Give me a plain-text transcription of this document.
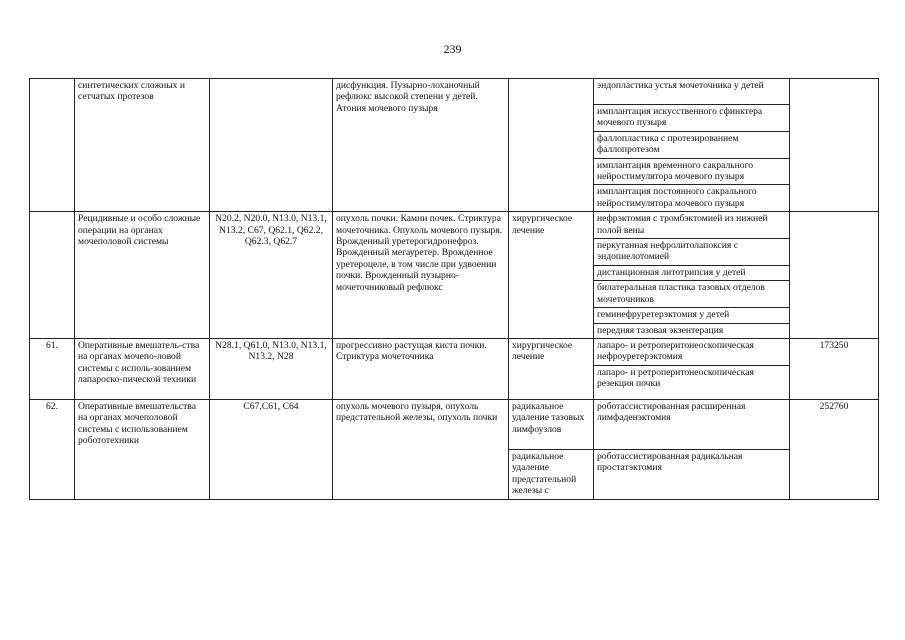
239
	синтетических сложных и сетчатых протезов		дисфункция. Пузырно-лоханочный рефлюкс высокой степени у детей. Атония мочевого пузыря		эндопластика устья мочеточника у детей	
					имплантация искусственного сфинктера мочевого пузыря	
					фаллопластика с протезированием фаллопротезом	
					имплантация временного сакрального нейростимулятора мочевого пузыря	
					имплантация постоянного сакрального нейростимулятора мочевого пузыря	
	Рецидивные и особо сложные операции на органах мочеполовой системы	N20.2, N20.0, N13.0, N13.1, N13.2, C67, Q62.1, Q62.2, Q62.3, Q62.7	опухоль почки. Камни почек. Стриктура мочеточника. Опухоль мочевого пузыря. Врожденный уретерогидронефроз. Врожденный мегауретер. Врожденное уретероцеле, в том числе при удвоении почки. Врожденный пузырно-мочеточниковый рефлюкс	хирургическое лечение	нефрэктомия с тромбэктомией из нижней полой вены	
					перкутанная нефролитолапоксия с эндопиелотомией	
					дистанционная литотрипсия у детей	
					билатеральная пластика тазовых отделов мочеточников	
					геминефруретерэктомия у детей	
					передняя тазовая экзентерация	
61.	Оперативные вмешатель-ства на органах мочепо-ловой системы с исполь-зованием лапароско-пической техники	N28.1, Q61.0, N13.0, N13.1, N13.2, N28	прогрессивно растущая киста почки. Стриктура мочеточника	хирургическое лечение	лапаро- и ретроперитонеоскопическая нефроуретерэктомия	173250
					лапаро- и ретроперитонеоскопическая резекция почки	
62.	Оперативные вмешательства на органах мочеполовой системы с использованием робототехники	C67,C61, C64	опухоль мочевого пузыря, опухоль предстательной железы, опухоль почки	радикальное удаление тазовых лимфоузлов	роботассистированная расширенная лимфаденэктомия	252760
				радикальное удаление предстательной железы с	роботассистированная радикальная простатэктомия	
